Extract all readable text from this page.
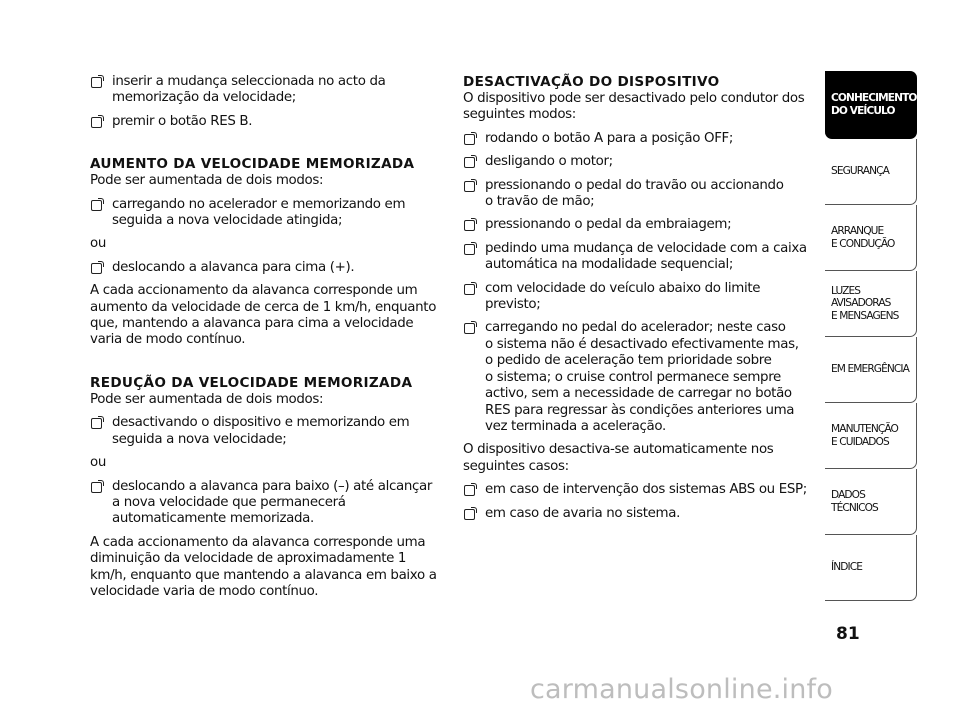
inserir a mudança seleccionada no acto da
memorização da velocidade;
premir o botão RES B.
AUMENTO DA VELOCIDADE MEMORIZADA

Pode ser aumentada de dois modos:

carregando no acelerador e memorizando em
seguida a nova velocidade atingida;

ou

deslocando a alavanca para cima (+).

A cada accionamento da alavanca corresponde um aumento da velocidade de cerca de 1 km/h, enquanto que, mantendo a alavanca para cima a velocidade varia de modo contínuo.

REDUÇÃO DA VELOCIDADE MEMORIZADA

Pode ser aumentada de dois modos:

desactivando o dispositivo e memorizando em
seguida a nova velocidade;

ou

deslocando a alavanca para baixo (–) até alcançar
a nova velocidade que permanecerá
automaticamente memorizada.

A cada accionamento da alavanca corresponde uma diminuição da velocidade de aproximadamente 1 km/h, enquanto que mantendo a alavanca em baixo a velocidade varia de modo contínuo.

DESACTIVAÇÃO DO DISPOSITIVO

O dispositivo pode ser desactivado pelo condutor dos seguintes modos:

rodando o botão A para a posição OFF;
desligando o motor;
pressionando o pedal do travão ou accionando
o travão de mão;
pressionando o pedal da embraiagem;
pedindo uma mudança de velocidade com a caixa
automática na modalidade sequencial;
com velocidade do veículo abaixo do limite previsto;
carregando no pedal do acelerador; neste caso
o sistema não é desactivado efectivamente mas,
o pedido de aceleração tem prioridade sobre
o sistema; o cruise control permanece sempre
activo, sem a necessidade de carregar no botão
RES para regressar às condições anteriores uma
vez terminada a aceleração.

O dispositivo desactiva-se automaticamente nos seguintes casos:

em caso de intervenção dos sistemas ABS ou ESP;
em caso de avaria no sistema.
CONHECIMENTO
DO VEÍCULO
SEGURANÇA
ARRANQUE
E CONDUÇÃO
LUZES
AVISADORAS
E MENSAGENS
EM EMERGÊNCIA
MANUTENÇÃO
E CUIDADOS
DADOS
TÉCNICOS
ÍNDICE
81
carmanualsonline.info
